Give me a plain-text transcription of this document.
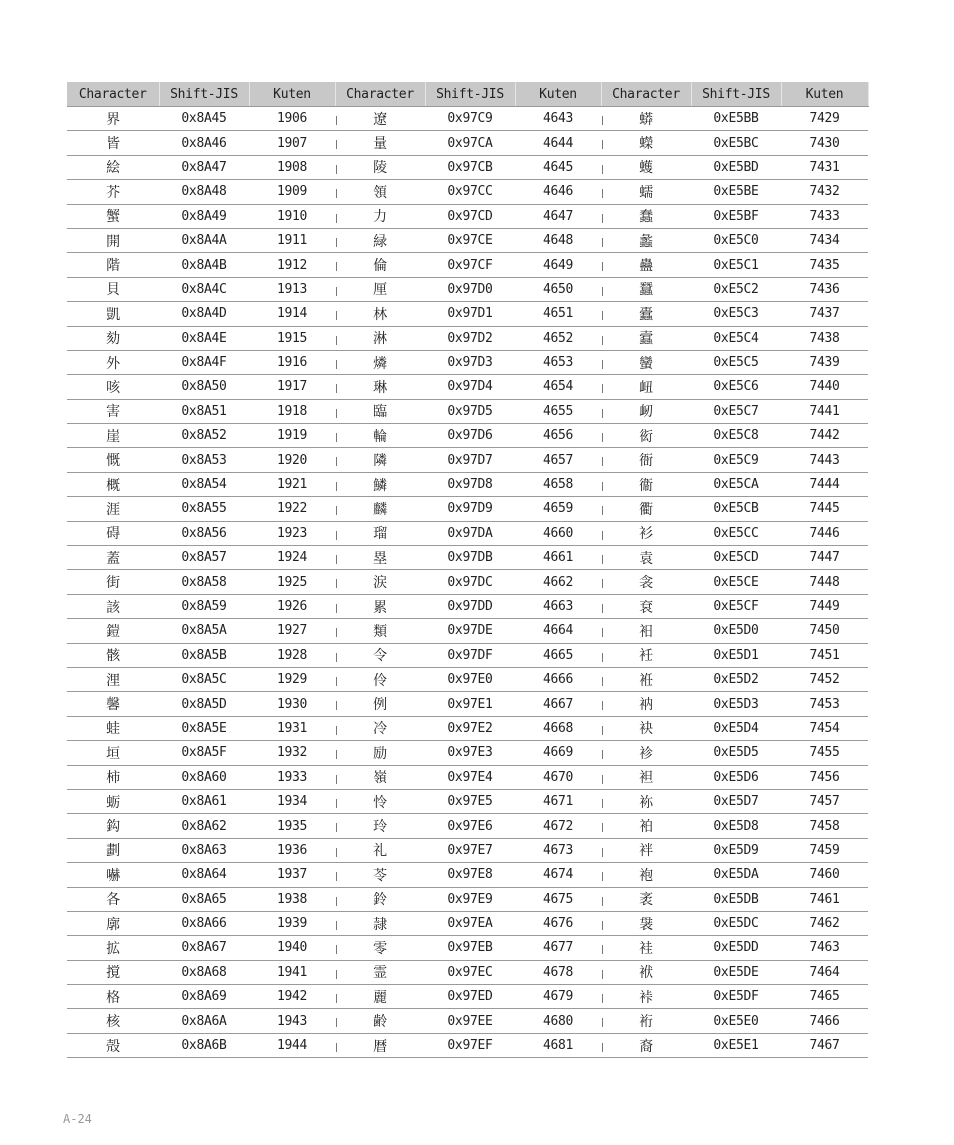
Character	Shift-JIS	Kuten		Character	Shift-JIS	Kuten		Character	Shift-JIS	Kuten
界	0x8A45	1906		遼	0x97C9	4643		蟒	0xE5BB	7429
皆	0x8A46	1907		量	0x97CA	4644		蠑	0xE5BC	7430
絵	0x8A47	1908		陵	0x97CB	4645		蠖	0xE5BD	7431
芥	0x8A48	1909		領	0x97CC	4646		蠕	0xE5BE	7432
蟹	0x8A49	1910		力	0x97CD	4647		蠢	0xE5BF	7433
開	0x8A4A	1911		緑	0x97CE	4648		蠡	0xE5C0	7434
階	0x8A4B	1912		倫	0x97CF	4649		蠱	0xE5C1	7435
貝	0x8A4C	1913		厘	0x97D0	4650		蠶	0xE5C2	7436
凱	0x8A4D	1914		林	0x97D1	4651		蠹	0xE5C3	7437
劾	0x8A4E	1915		淋	0x97D2	4652		蠧	0xE5C4	7438
外	0x8A4F	1916		燐	0x97D3	4653		蠻	0xE5C5	7439
咳	0x8A50	1917		琳	0x97D4	4654		衄	0xE5C6	7440
害	0x8A51	1918		臨	0x97D5	4655		衂	0xE5C7	7441
崖	0x8A52	1919		輪	0x97D6	4656		衒	0xE5C8	7442
慨	0x8A53	1920		隣	0x97D7	4657		衙	0xE5C9	7443
概	0x8A54	1921		鱗	0x97D8	4658		衞	0xE5CA	7444
涯	0x8A55	1922		麟	0x97D9	4659		衢	0xE5CB	7445
碍	0x8A56	1923		瑠	0x97DA	4660		衫	0xE5CC	7446
蓋	0x8A57	1924		塁	0x97DB	4661		袁	0xE5CD	7447
街	0x8A58	1925		涙	0x97DC	4662		衾	0xE5CE	7448
該	0x8A59	1926		累	0x97DD	4663		袞	0xE5CF	7449
鎧	0x8A5A	1927		類	0x97DE	4664		衵	0xE5D0	7450
骸	0x8A5B	1928		令	0x97DF	4665		衽	0xE5D1	7451
浬	0x8A5C	1929		伶	0x97E0	4666		袵	0xE5D2	7452
馨	0x8A5D	1930		例	0x97E1	4667		衲	0xE5D3	7453
蛙	0x8A5E	1931		冷	0x97E2	4668		袂	0xE5D4	7454
垣	0x8A5F	1932		励	0x97E3	4669		袗	0xE5D5	7455
柿	0x8A60	1933		嶺	0x97E4	4670		袒	0xE5D6	7456
蛎	0x8A61	1934		怜	0x97E5	4671		袮	0xE5D7	7457
鈎	0x8A62	1935		玲	0x97E6	4672		袙	0xE5D8	7458
劃	0x8A63	1936		礼	0x97E7	4673		袢	0xE5D9	7459
嚇	0x8A64	1937		苓	0x97E8	4674		袍	0xE5DA	7460
各	0x8A65	1938		鈴	0x97E9	4675		袤	0xE5DB	7461
廓	0x8A66	1939		隷	0x97EA	4676		袰	0xE5DC	7462
拡	0x8A67	1940		零	0x97EB	4677		袿	0xE5DD	7463
撹	0x8A68	1941		霊	0x97EC	4678		袱	0xE5DE	7464
格	0x8A69	1942		麗	0x97ED	4679		裃	0xE5DF	7465
核	0x8A6A	1943		齢	0x97EE	4680		裄	0xE5E0	7466
殻	0x8A6B	1944		暦	0x97EF	4681		裔	0xE5E1	7467
A-24
